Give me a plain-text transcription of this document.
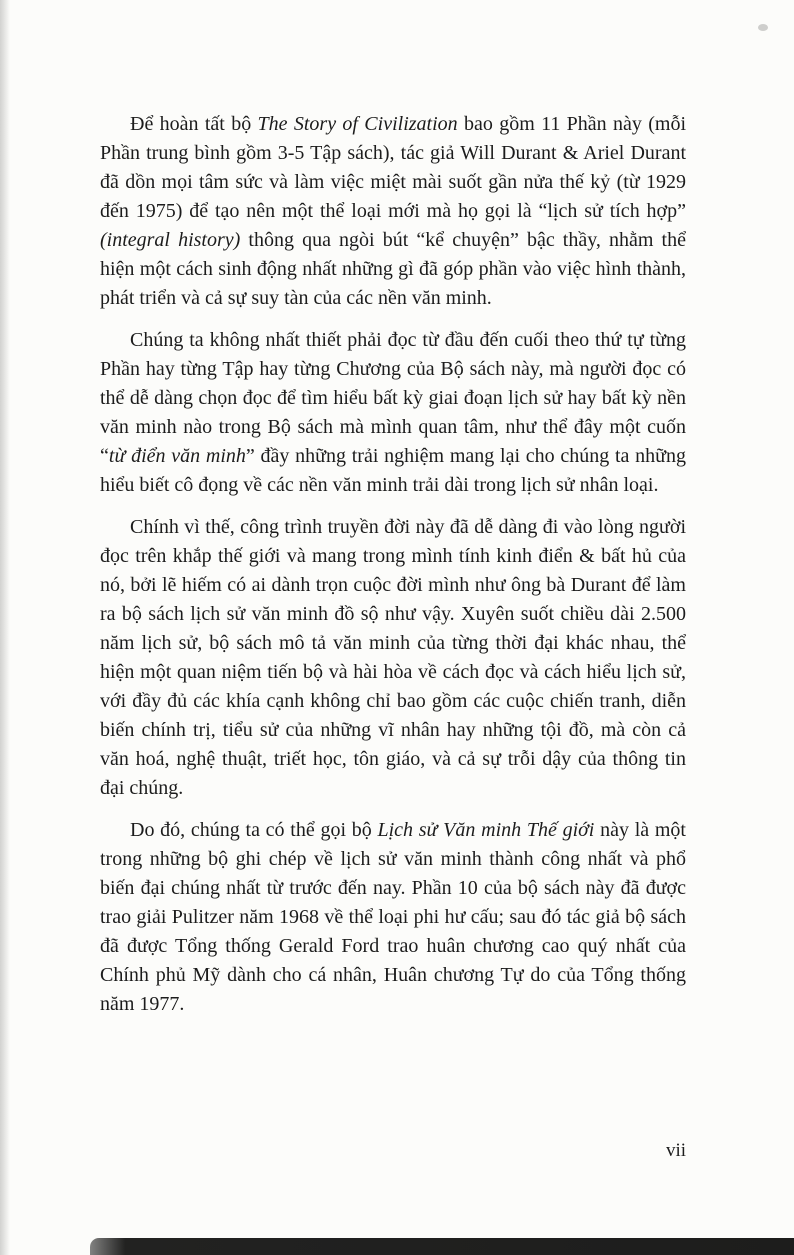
Để hoàn tất bộ The Story of Civilization bao gồm 11 Phần này (mỗi Phần trung bình gồm 3-5 Tập sách), tác giả Will Durant & Ariel Durant đã dồn mọi tâm sức và làm việc miệt mài suốt gần nửa thế kỷ (từ 1929 đến 1975) để tạo nên một thể loại mới mà họ gọi là “lịch sử tích hợp” (integral history) thông qua ngòi bút “kể chuyện” bậc thầy, nhằm thể hiện một cách sinh động nhất những gì đã góp phần vào việc hình thành, phát triển và cả sự suy tàn của các nền văn minh.

Chúng ta không nhất thiết phải đọc từ đầu đến cuối theo thứ tự từng Phần hay từng Tập hay từng Chương của Bộ sách này, mà người đọc có thể dễ dàng chọn đọc để tìm hiểu bất kỳ giai đoạn lịch sử hay bất kỳ nền văn minh nào trong Bộ sách mà mình quan tâm, như thể đây một cuốn “từ điển văn minh” đầy những trải nghiệm mang lại cho chúng ta những hiểu biết cô đọng về các nền văn minh trải dài trong lịch sử nhân loại.

Chính vì thế, công trình truyền đời này đã dễ dàng đi vào lòng người đọc trên khắp thế giới và mang trong mình tính kinh điển & bất hủ của nó, bởi lẽ hiếm có ai dành trọn cuộc đời mình như ông bà Durant để làm ra bộ sách lịch sử văn minh đồ sộ như vậy. Xuyên suốt chiều dài 2.500 năm lịch sử, bộ sách mô tả văn minh của từng thời đại khác nhau, thể hiện một quan niệm tiến bộ và hài hòa về cách đọc và cách hiểu lịch sử, với đầy đủ các khía cạnh không chỉ bao gồm các cuộc chiến tranh, diễn biến chính trị, tiểu sử của những vĩ nhân hay những tội đồ, mà còn cả văn hoá, nghệ thuật, triết học, tôn giáo, và cả sự trỗi dậy của thông tin đại chúng.

Do đó, chúng ta có thể gọi bộ Lịch sử Văn minh Thế giới này là một trong những bộ ghi chép về lịch sử văn minh thành công nhất và phổ biến đại chúng nhất từ trước đến nay. Phần 10 của bộ sách này đã được trao giải Pulitzer năm 1968 về thể loại phi hư cấu; sau đó tác giả bộ sách đã được Tổng thống Gerald Ford trao huân chương cao quý nhất của Chính phủ Mỹ dành cho cá nhân, Huân chương Tự do của Tổng thống năm 1977.

vii
